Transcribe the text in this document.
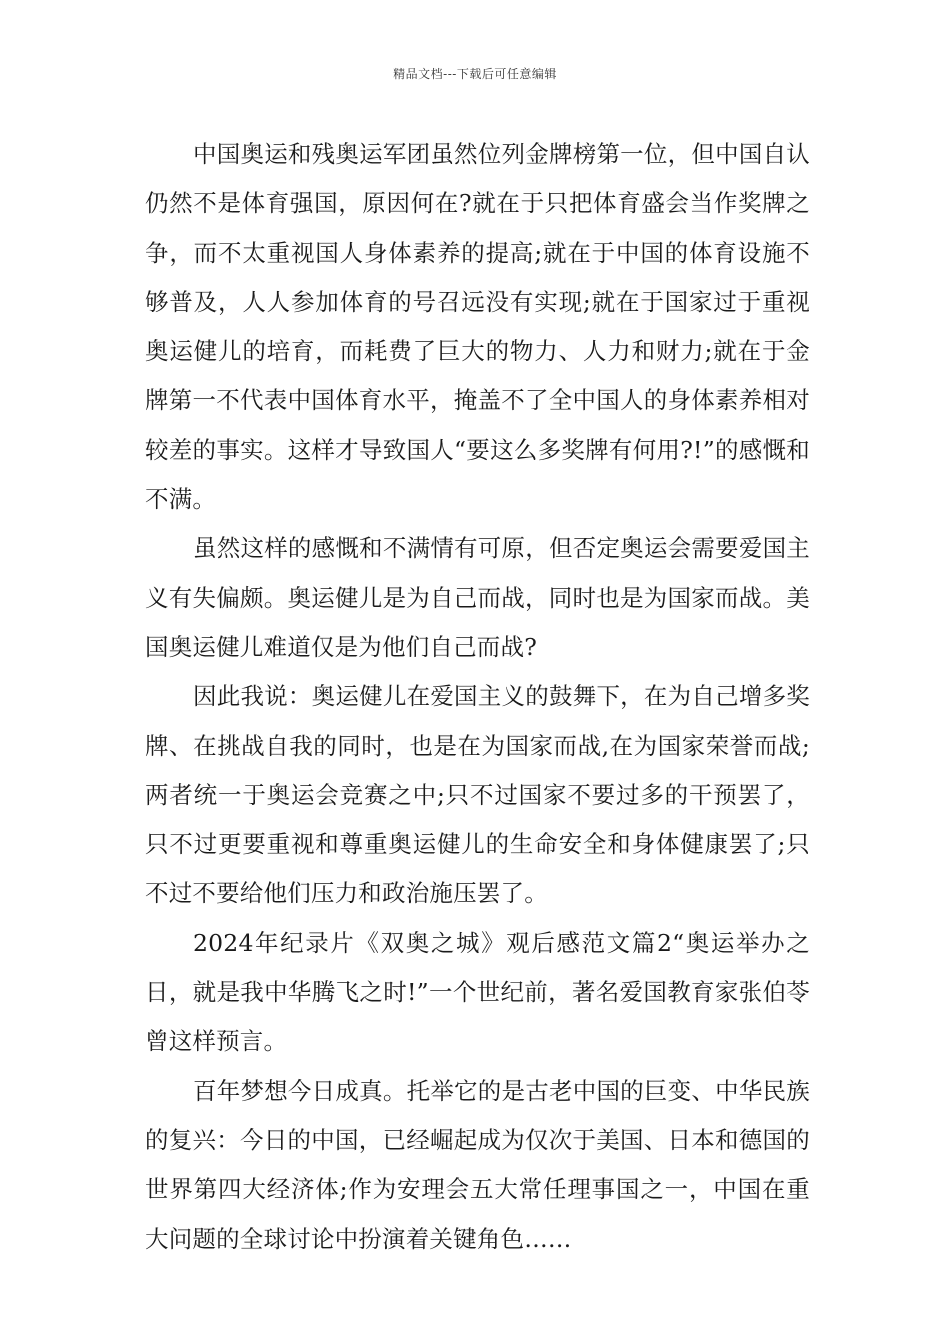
精品文档---下载后可任意编辑

中国奥运和残奥运军团虽然位列金牌榜第一位，但中国自认仍然不是体育强国，原因何在?就在于只把体育盛会当作奖牌之争，而不太重视国人身体素养的提高;就在于中国的体育设施不够普及，人人参加体育的号召远没有实现;就在于国家过于重视奥运健儿的培育，而耗费了巨大的物力、人力和财力;就在于金牌第一不代表中国体育水平，掩盖不了全中国人的身体素养相对较差的事实。这样才导致国人“要这么多奖牌有何用?!”的感慨和不满。

虽然这样的感慨和不满情有可原，但否定奥运会需要爱国主义有失偏颇。奥运健儿是为自己而战，同时也是为国家而战。美国奥运健儿难道仅是为他们自己而战?

因此我说：奥运健儿在爱国主义的鼓舞下，在为自己增多奖牌、在挑战自我的同时，也是在为国家而战,在为国家荣誉而战;两者统一于奥运会竞赛之中;只不过国家不要过多的干预罢了，只不过更要重视和尊重奥运健儿的生命安全和身体健康罢了;只不过不要给他们压力和政治施压罢了。

2024年纪录片《双奥之城》观后感范文篇2“奥运举办之日，就是我中华腾飞之时!”一个世纪前，著名爱国教育家张伯苓曾这样预言。

百年梦想今日成真。托举它的是古老中国的巨变、中华民族的复兴：今日的中国，已经崛起成为仅次于美国、日本和德国的世界第四大经济体;作为安理会五大常任理事国之一，中国在重大问题的全球讨论中扮演着关键角色……
